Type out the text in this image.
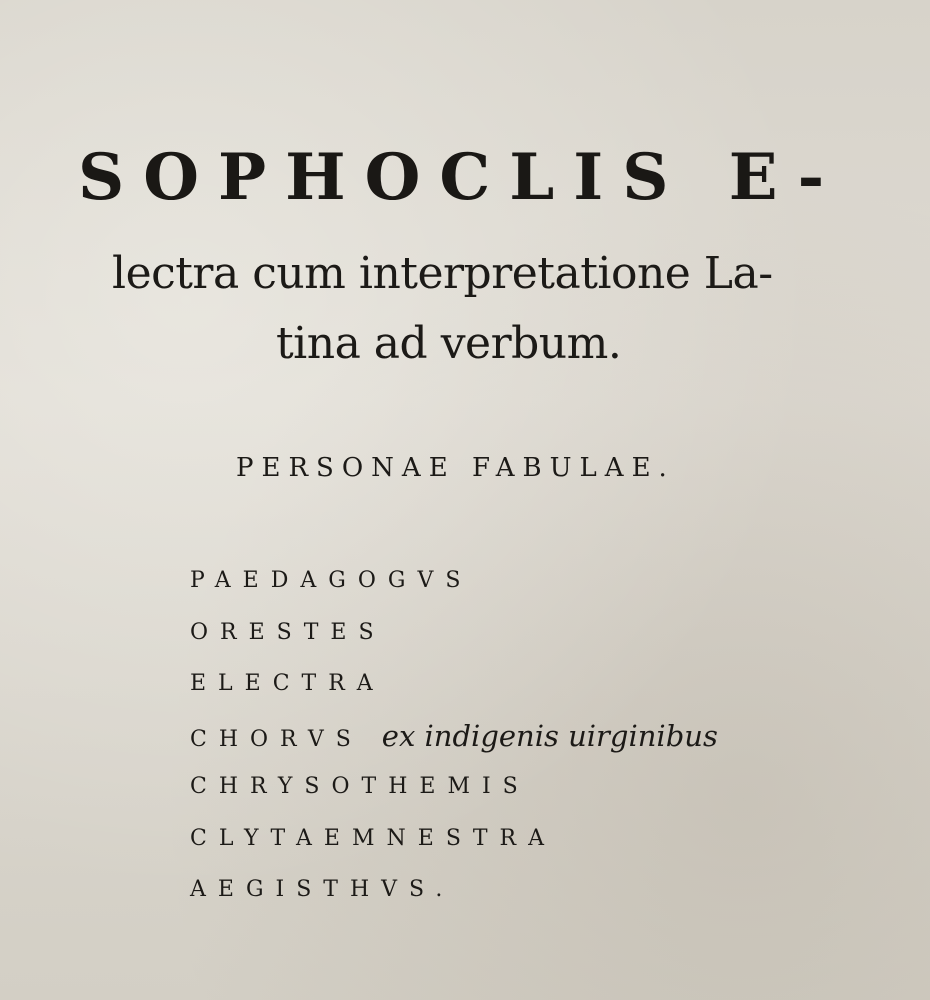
SOPHOCLIS E-
lectra cum interpretatione La-
tina ad verbum.
PERSONAE FABULAE.
PAEDAGOGVS
ORESTES
ELECTRA
CHORVS ex indigenis uirginibus
CHRYSOTHEMIS
CLYTAEMNESTRA
AEGISTHVS.
